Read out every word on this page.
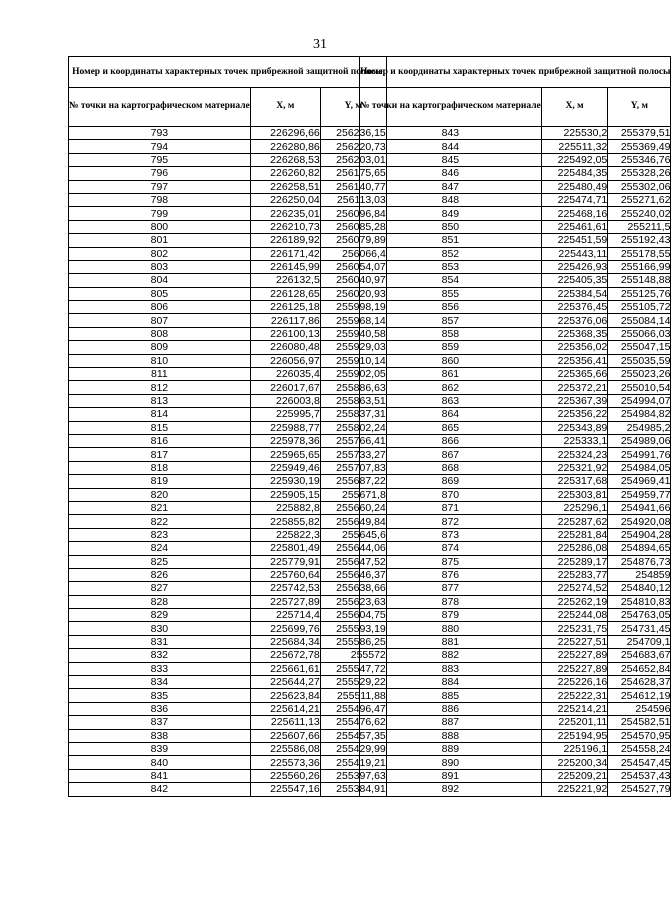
31
Номер и координаты характерных точек прибрежной защитной полосы		
№ точки на картографическом материале	X, м	Y, м
793	226296,66	256236,15
794	226280,86	256220,73
795	226268,53	256203,01
796	226260,82	256175,65
797	226258,51	256140,77
798	226250,04	256113,03
799	226235,01	256096,84
800	226210,73	256085,28
801	226189,92	256079,89
802	226171,42	256066,4
803	226145,99	256054,07
804	226132,5	256040,97
805	226128,65	256020,93
806	226125,18	255998,19
807	226117,86	255968,14
808	226100,13	255940,58
809	226080,48	255929,03
810	226056,97	255910,14
811	226035,4	255902,05
812	226017,67	255886,63
813	226003,8	255863,51
814	225995,7	255837,31
815	225988,77	255802,24
816	225978,36	255766,41
817	225965,65	255733,27
818	225949,46	255707,83
819	225930,19	255687,22
820	225905,15	255671,8
821	225882,8	255660,24
822	225855,82	255649,84
823	225822,3	255645,6
824	225801,49	255644,06
825	225779,91	255647,52
826	225760,64	255646,37
827	225742,53	255638,66
828	225727,89	255623,63
829	225714,4	255604,75
830	225699,76	255593,19
831	225684,34	255586,25
832	225672,78	255572
833	225661,61	255547,72
834	225644,27	255529,22
835	225623,84	255511,88
836	225614,21	255496,47
837	225611,13	255476,62
838	225607,66	255457,35
839	225586,08	255429,99
840	225573,36	255419,21
841	225560,26	255397,63
842	225547,16	255384,91
Номер и координаты характерных точек прибрежной защитной полосы		
№ точки на картографическом материале	X, м	Y, м
843	225530,2	255379,51
844	225511,32	255369,49
845	225492,05	255346,76
846	225484,35	255328,26
847	225480,49	255302,06
848	225474,71	255271,62
849	225468,16	255240,02
850	225461,61	255211,5
851	225451,59	255192,43
852	225443,11	255178,55
853	225426,93	255166,99
854	225405,35	255148,88
855	225384,54	255125,76
856	225376,45	255105,72
857	225376,06	255084,14
858	225368,35	255066,03
859	225356,02	255047,15
860	225356,41	255035,59
861	225365,66	255023,26
862	225372,21	255010,54
863	225367,39	254994,07
864	225356,22	254984,82
865	225343,89	254985,2
866	225333,1	254989,06
867	225324,23	254991,76
868	225321,92	254984,05
869	225317,68	254969,41
870	225303,81	254959,77
871	225296,1	254941,66
872	225287,62	254920,08
873	225281,84	254904,28
874	225286,08	254894,65
875	225289,17	254876,73
876	225283,77	254859
877	225274,52	254840,12
878	225262,19	254810,83
879	225244,08	254763,05
880	225231,75	254731,45
881	225227,51	254709,1
882	225227,89	254683,67
883	225227,89	254652,84
884	225226,16	254628,37
885	225222,31	254612,19
886	225214,21	254596
887	225201,11	254582,51
888	225194,95	254570,95
889	225196,1	254558,24
890	225200,34	254547,45
891	225209,21	254537,43
892	225221,92	254527,79
